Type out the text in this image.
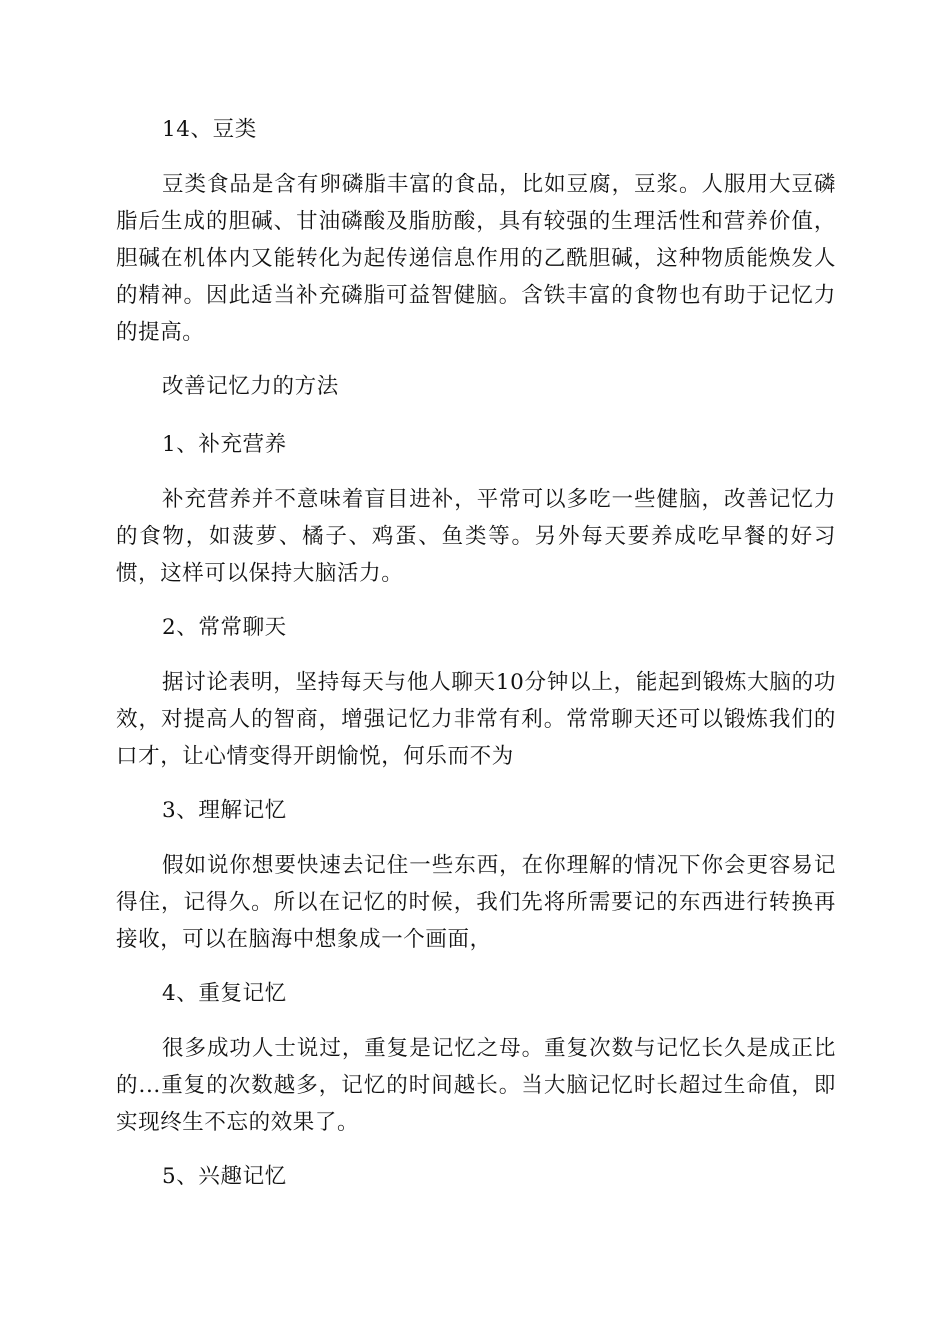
14、豆类

豆类食品是含有卵磷脂丰富的食品，比如豆腐，豆浆。人服用大豆磷脂后生成的胆碱、甘油磷酸及脂肪酸，具有较强的生理活性和营养价值，胆碱在机体内又能转化为起传递信息作用的乙酰胆碱，这种物质能焕发人的精神。因此适当补充磷脂可益智健脑。含铁丰富的食物也有助于记忆力的提高。

改善记忆力的方法

1、补充营养

补充营养并不意味着盲目进补，平常可以多吃一些健脑，改善记忆力的食物，如菠萝、橘子、鸡蛋、鱼类等。另外每天要养成吃早餐的好习惯，这样可以保持大脑活力。

2、常常聊天

据讨论表明，坚持每天与他人聊天10分钟以上，能起到锻炼大脑的功效，对提高人的智商，增强记忆力非常有利。常常聊天还可以锻炼我们的口才，让心情变得开朗愉悦，何乐而不为

3、理解记忆

假如说你想要快速去记住一些东西，在你理解的情况下你会更容易记得住，记得久。所以在记忆的时候，我们先将所需要记的东西进行转换再接收，可以在脑海中想象成一个画面，

4、重复记忆

很多成功人士说过，重复是记忆之母。重复次数与记忆长久是成正比的...重复的次数越多，记忆的时间越长。当大脑记忆时长超过生命值，即实现终生不忘的效果了。

5、兴趣记忆
